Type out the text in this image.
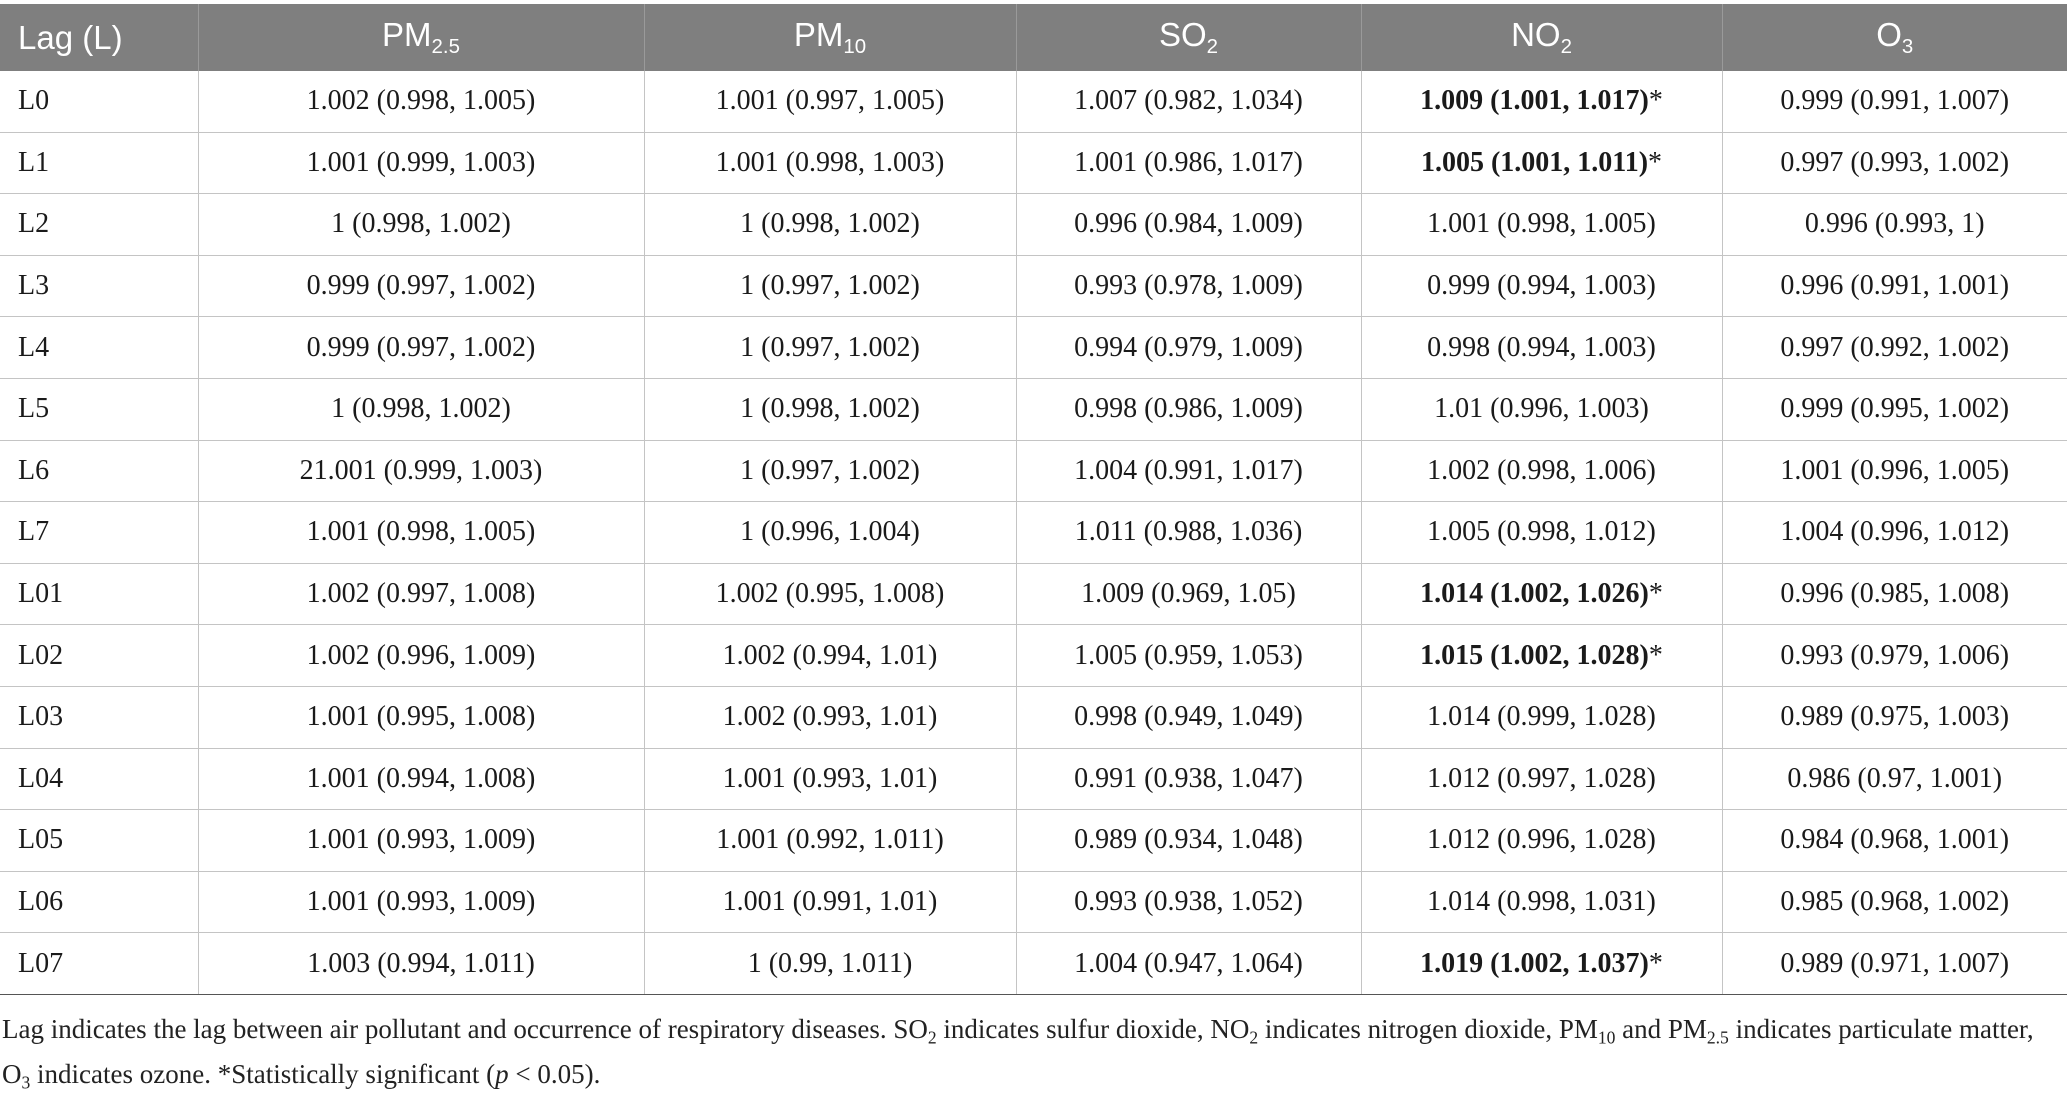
Lag (L)	$PM_{2.5}$	$PM_{10}$	$SO_2$	$NO_2$	$O_3$
L0	1.002 (0.998, 1.005)	1.001 (0.997, 1.005)	1.007 (0.982, 1.034)	1.009 (1.001, 1.017)*	0.999 (0.991, 1.007)
L1	1.001 (0.999, 1.003)	1.001 (0.998, 1.003)	1.001 (0.986, 1.017)	1.005 (1.001, 1.011)*	0.997 (0.993, 1.002)
L2	1 (0.998, 1.002)	1 (0.998, 1.002)	0.996 (0.984, 1.009)	1.001 (0.998, 1.005)	0.996 (0.993, 1)
L3	0.999 (0.997, 1.002)	1 (0.997, 1.002)	0.993 (0.978, 1.009)	0.999 (0.994, 1.003)	0.996 (0.991, 1.001)
L4	0.999 (0.997, 1.002)	1 (0.997, 1.002)	0.994 (0.979, 1.009)	0.998 (0.994, 1.003)	0.997 (0.992, 1.002)
L5	1 (0.998, 1.002)	1 (0.998, 1.002)	0.998 (0.986, 1.009)	1.01 (0.996, 1.003)	0.999 (0.995, 1.002)
L6	21.001 (0.999, 1.003)	1 (0.997, 1.002)	1.004 (0.991, 1.017)	1.002 (0.998, 1.006)	1.001 (0.996, 1.005)
L7	1.001 (0.998, 1.005)	1 (0.996, 1.004)	1.011 (0.988, 1.036)	1.005 (0.998, 1.012)	1.004 (0.996, 1.012)
L01	1.002 (0.997, 1.008)	1.002 (0.995, 1.008)	1.009 (0.969, 1.05)	1.014 (1.002, 1.026)*	0.996 (0.985, 1.008)
L02	1.002 (0.996, 1.009)	1.002 (0.994, 1.01)	1.005 (0.959, 1.053)	1.015 (1.002, 1.028)*	0.993 (0.979, 1.006)
L03	1.001 (0.995, 1.008)	1.002 (0.993, 1.01)	0.998 (0.949, 1.049)	1.014 (0.999, 1.028)	0.989 (0.975, 1.003)
L04	1.001 (0.994, 1.008)	1.001 (0.993, 1.01)	0.991 (0.938, 1.047)	1.012 (0.997, 1.028)	0.986 (0.97, 1.001)
L05	1.001 (0.993, 1.009)	1.001 (0.992, 1.011)	0.989 (0.934, 1.048)	1.012 (0.996, 1.028)	0.984 (0.968, 1.001)
L06	1.001 (0.993, 1.009)	1.001 (0.991, 1.01)	0.993 (0.938, 1.052)	1.014 (0.998, 1.031)	0.985 (0.968, 1.002)
L07	1.003 (0.994, 1.011)	1 (0.99, 1.011)	1.004 (0.947, 1.064)	1.019 (1.002, 1.037)*	0.989 (0.971, 1.007)

Lag indicates the lag between air pollutant and occurrence of respiratory diseases. SO2 indicates sulfur dioxide, NO2 indicates nitrogen dioxide, PM10 and PM2.5 indicates particulate matter, O3 indicates ozone. *Statistically significant (p < 0.05).
